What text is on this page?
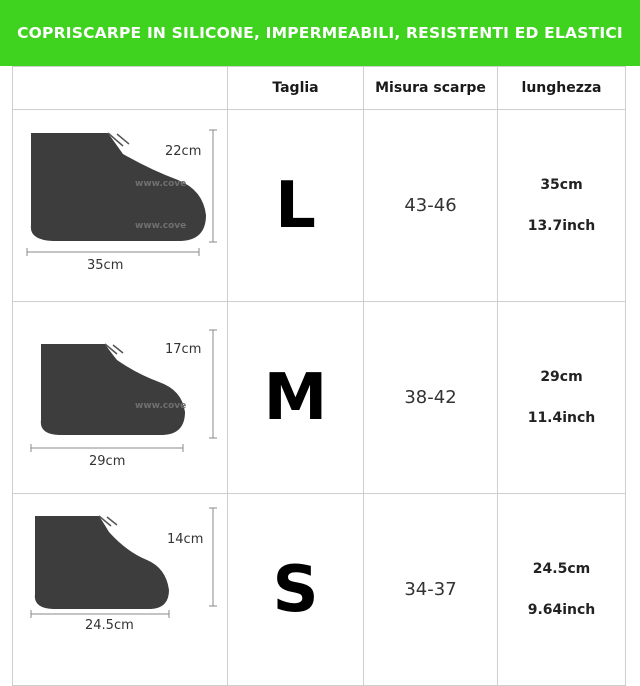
COPRISCARPE IN SILICONE, IMPERMEABILI, RESISTENTI ED ELASTICI
	Taglia	Misura scarpe	lunghezza

www.cove
www.cove
22cm
35cm	L	43-46	35cm
13.7inch

www.cove
17cm
29cm	M	38-42	29cm
11.4inch

14cm
24.5cm	S	34-37	24.5cm
9.64inch
